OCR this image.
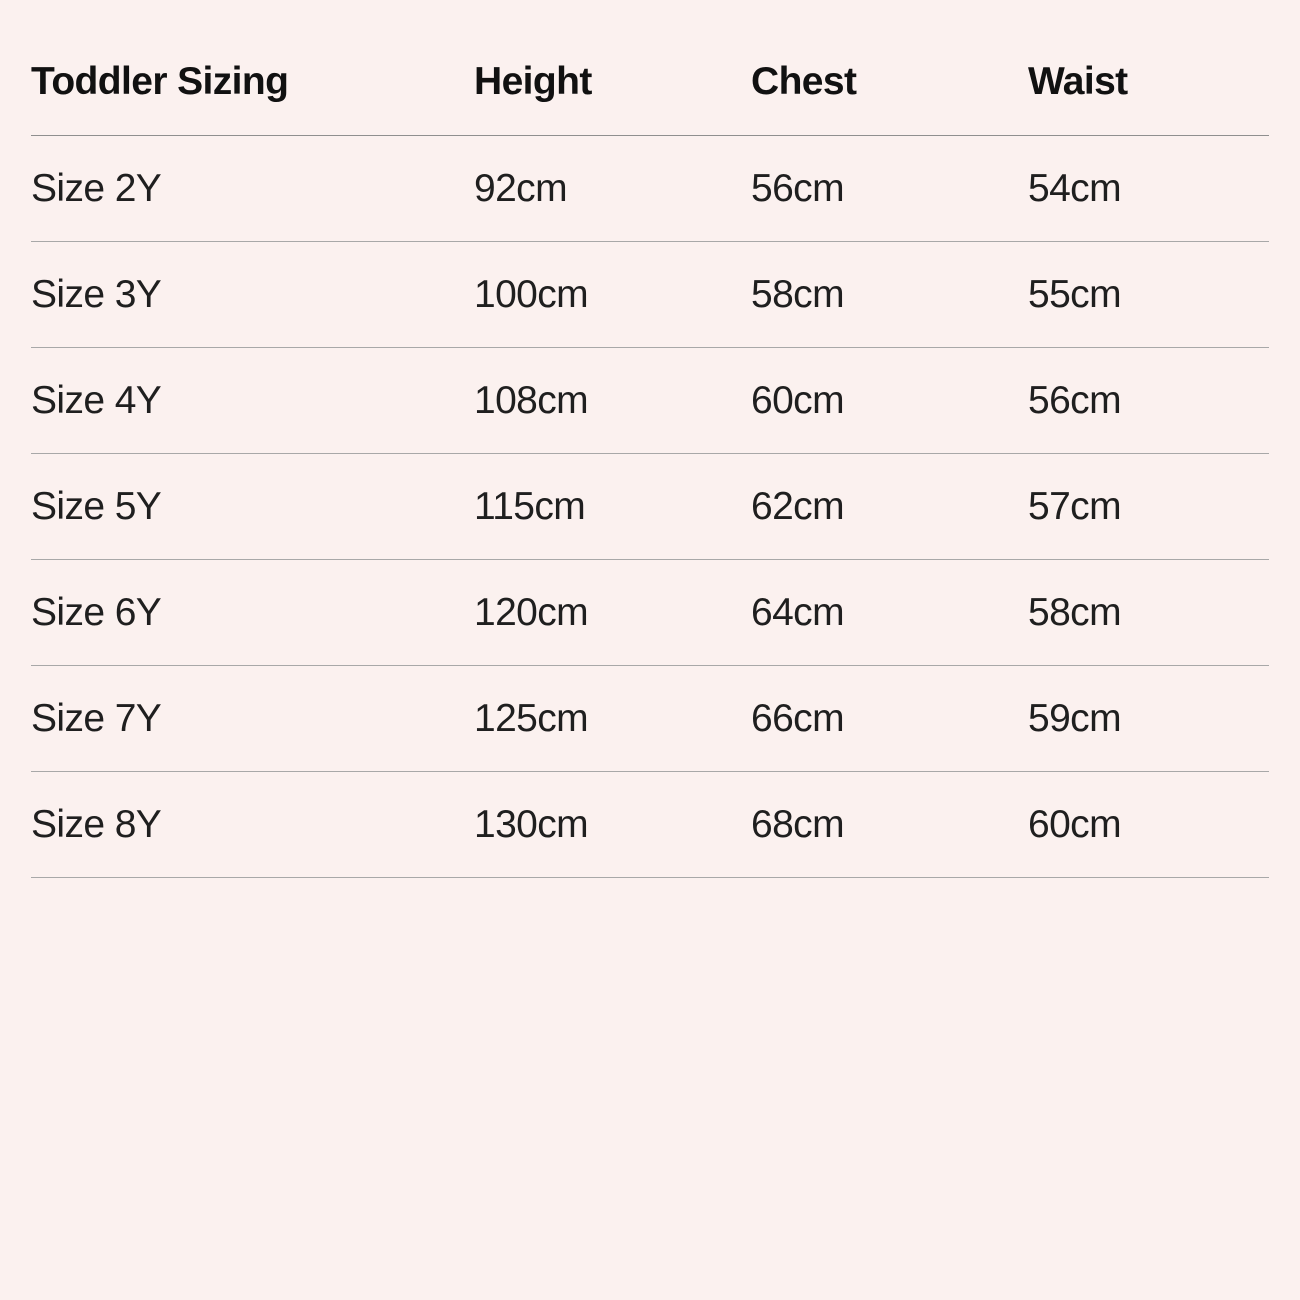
Toddler Sizing	Height	Chest	Waist
Size 2Y	92cm	56cm	54cm
Size 3Y	100cm	58cm	55cm
Size 4Y	108cm	60cm	56cm
Size 5Y	115cm	62cm	57cm
Size 6Y	120cm	64cm	58cm
Size 7Y	125cm	66cm	59cm
Size 8Y	130cm	68cm	60cm
